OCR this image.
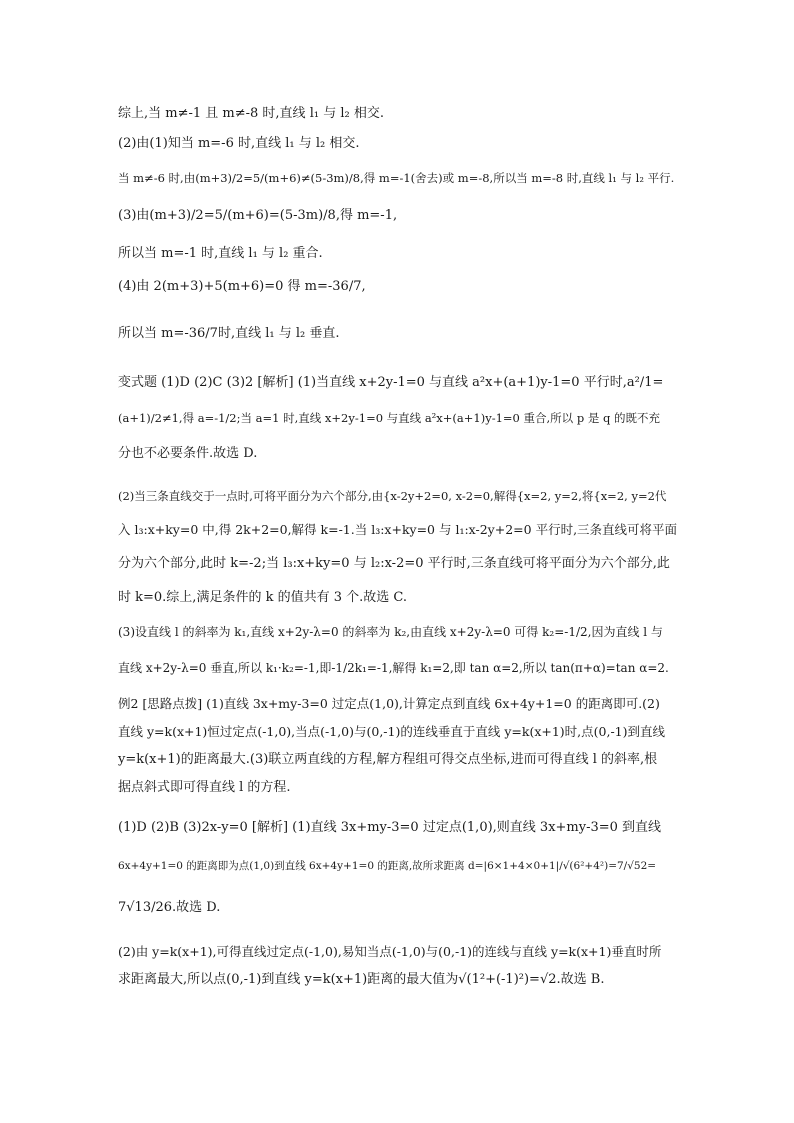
综上,当 m≠-1 且 m≠-8 时,直线 l₁ 与 l₂ 相交.
(2)由(1)知当 m=-6 时,直线 l₁ 与 l₂ 相交.
当 m≠-6 时,由(m+3)/2=5/(m+6)≠(5-3m)/8,得 m=-1(舍去)或 m=-8,所以当 m=-8 时,直线 l₁ 与 l₂ 平行.
(3)由(m+3)/2=5/(m+6)=(5-3m)/8,得 m=-1,
所以当 m=-1 时,直线 l₁ 与 l₂ 重合.
(4)由 2(m+3)+5(m+6)=0 得 m=-36/7,
所以当 m=-36/7时,直线 l₁ 与 l₂ 垂直.
变式题 (1)D (2)C (3)2 [解析] (1)当直线 x+2y-1=0 与直线 a²x+(a+1)y-1=0 平行时,a²/1=
(a+1)/2≠1,得 a=-1/2;当 a=1 时,直线 x+2y-1=0 与直线 a²x+(a+1)y-1=0 重合,所以 p 是 q 的既不充
分也不必要条件.故选 D.
(2)当三条直线交于一点时,可将平面分为六个部分,由{x-2y+2=0, x-2=0,解得{x=2, y=2,将{x=2, y=2代
入 l₃:x+ky=0 中,得 2k+2=0,解得 k=-1.当 l₃:x+ky=0 与 l₁:x-2y+2=0 平行时,三条直线可将平面
分为六个部分,此时 k=-2;当 l₃:x+ky=0 与 l₂:x-2=0 平行时,三条直线可将平面分为六个部分,此
时 k=0.综上,满足条件的 k 的值共有 3 个.故选 C.
(3)设直线 l 的斜率为 k₁,直线 x+2y-λ=0 的斜率为 k₂,由直线 x+2y-λ=0 可得 k₂=-1/2,因为直线 l 与
直线 x+2y-λ=0 垂直,所以 k₁·k₂=-1,即-1/2k₁=-1,解得 k₁=2,即 tan α=2,所以 tan(π+α)=tan α=2.
例2 [思路点拨] (1)直线 3x+my-3=0 过定点(1,0),计算定点到直线 6x+4y+1=0 的距离即可.(2)
直线 y=k(x+1)恒过定点(-1,0),当点(-1,0)与(0,-1)的连线垂直于直线 y=k(x+1)时,点(0,-1)到直线
y=k(x+1)的距离最大.(3)联立两直线的方程,解方程组可得交点坐标,进而可得直线 l 的斜率,根
据点斜式即可得直线 l 的方程.
(1)D (2)B (3)2x-y=0 [解析] (1)直线 3x+my-3=0 过定点(1,0),则直线 3x+my-3=0 到直线
6x+4y+1=0 的距离即为点(1,0)到直线 6x+4y+1=0 的距离,故所求距离 d=|6×1+4×0+1|/√(6²+4²)=7/√52=
7√13/26.故选 D.
(2)由 y=k(x+1),可得直线过定点(-1,0),易知当点(-1,0)与(0,-1)的连线与直线 y=k(x+1)垂直时所
求距离最大,所以点(0,-1)到直线 y=k(x+1)距离的最大值为√(1²+(-1)²)=√2.故选 B.
